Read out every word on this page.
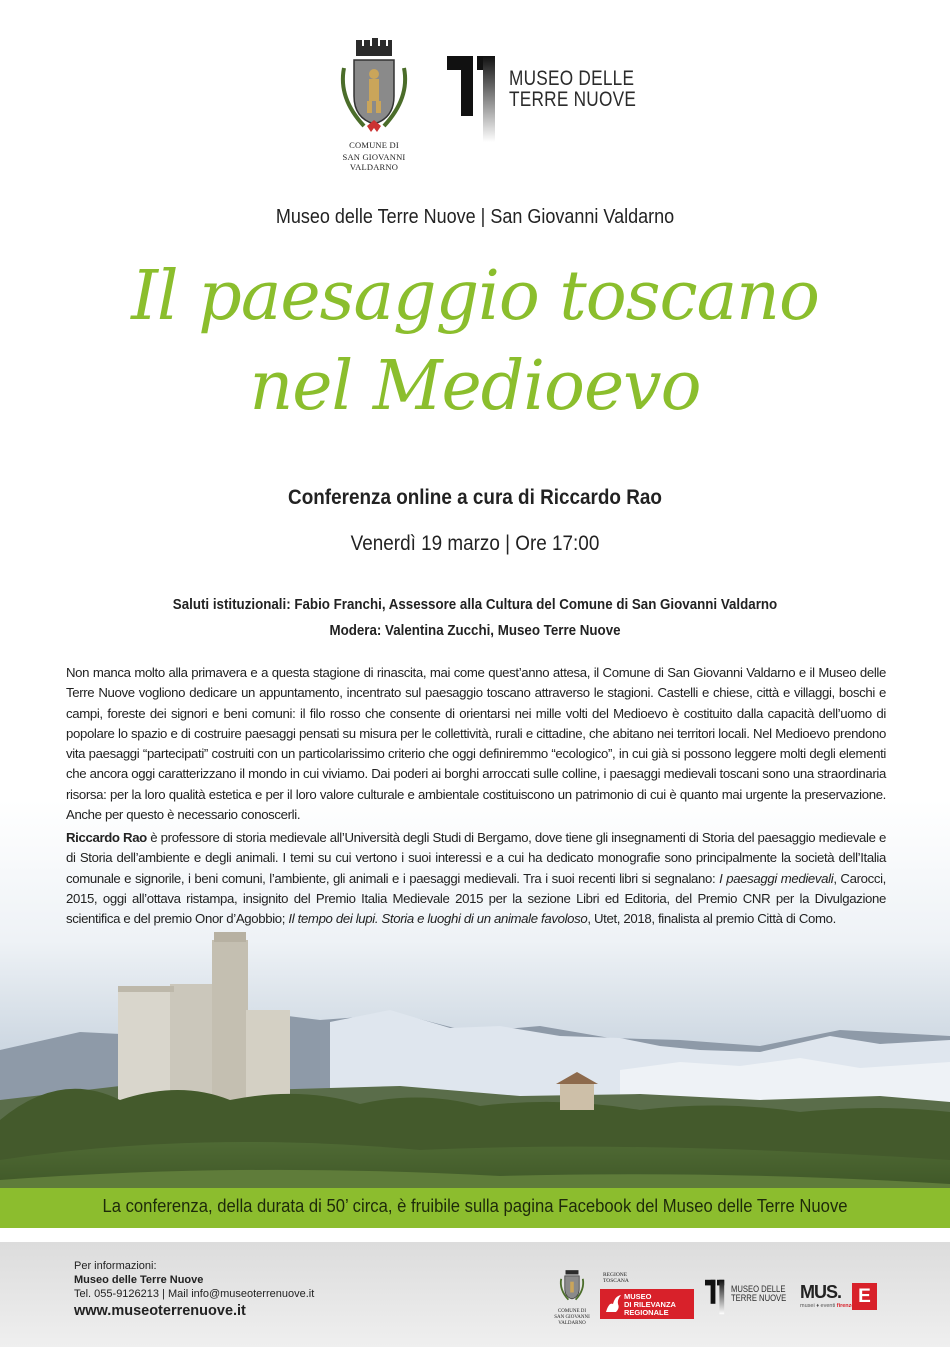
COMUNE DI
SAN GIOVANNI VALDARNO
MUSEO DELLE
TERRE NUOVE
Museo delle Terre Nuove | San Giovanni Valdarno
Il paesaggio toscano
nel Medioevo
Conferenza online a cura di Riccardo Rao
Venerdì 19 marzo | Ore 17:00
Saluti istituzionali: Fabio Franchi, Assessore alla Cultura del Comune di San Giovanni Valdarno
Modera: Valentina Zucchi, Museo Terre Nuove
Non manca molto alla primavera e a questa stagione di rinascita, mai come quest’anno attesa, il Comune di San Giovanni Valdarno e il Museo delle Terre Nuove vogliono dedicare un appuntamento, incentrato sul paesaggio toscano attraverso le stagioni. Castelli e chiese, città e villaggi, boschi e campi, foreste dei signori e beni comuni: il filo rosso che consente di orientarsi nei mille volti del Medioevo è costituito dalla capacità dell’uomo di popolare lo spazio e di costruire paesaggi pensati su misura per le collettività, rurali e cittadine, che abitano nei territori locali. Nel Medioevo prendono vita paesaggi “partecipati” costruiti con un particolarissimo criterio che oggi definiremmo “ecologico”, in cui già si possono leggere molti degli elementi che ancora oggi caratterizzano il mondo in cui viviamo. Dai poderi ai borghi arroccati sulle colline, i paesaggi medievali toscani sono una straordinaria risorsa: per la loro qualità estetica e per il loro valore culturale e ambientale costituiscono un patrimonio di cui è quanto mai urgente la preservazione. Anche per questo è necessario conoscerli.
Riccardo Rao è professore di storia medievale all’Università degli Studi di Bergamo, dove tiene gli insegnamenti di Storia del paesaggio medievale e di Storia dell’ambiente e degli animali. I temi su cui vertono i suoi interessi e a cui ha dedicato monografie sono principalmente la società dell’Italia comunale e signorile, i beni comuni, l’ambiente, gli animali e i paesaggi medievali. Tra i suoi recenti libri si segnalano: I paesaggi medievali, Carocci, 2015, oggi all’ottava ristampa, insignito del Premio Italia Medievale 2015 per la sezione Libri ed Editoria, del Premio CNR per la Divulgazione scientifica e del premio Onor d’Agobbio; Il tempo dei lupi. Storia e luoghi di un animale favoloso, Utet, 2018, finalista al premio Città di Como.
La conferenza, della durata di 50’ circa, è fruibile sulla pagina Facebook del Museo delle Terre Nuove
Per informazioni:
Museo delle Terre Nuove
Tel. 055-9126213 | Mail info@museoterrenuove.it
www.museoterrenuove.it	COMUNE DI
SAN GIOVANNI VALDARNO
REGIONE
TOSCANA
MUSEO
DI RILEVANZA
REGIONALE
MUSEO DELLE
TERRE NUOVE MUS. E
musei ♦ eventi firenze
